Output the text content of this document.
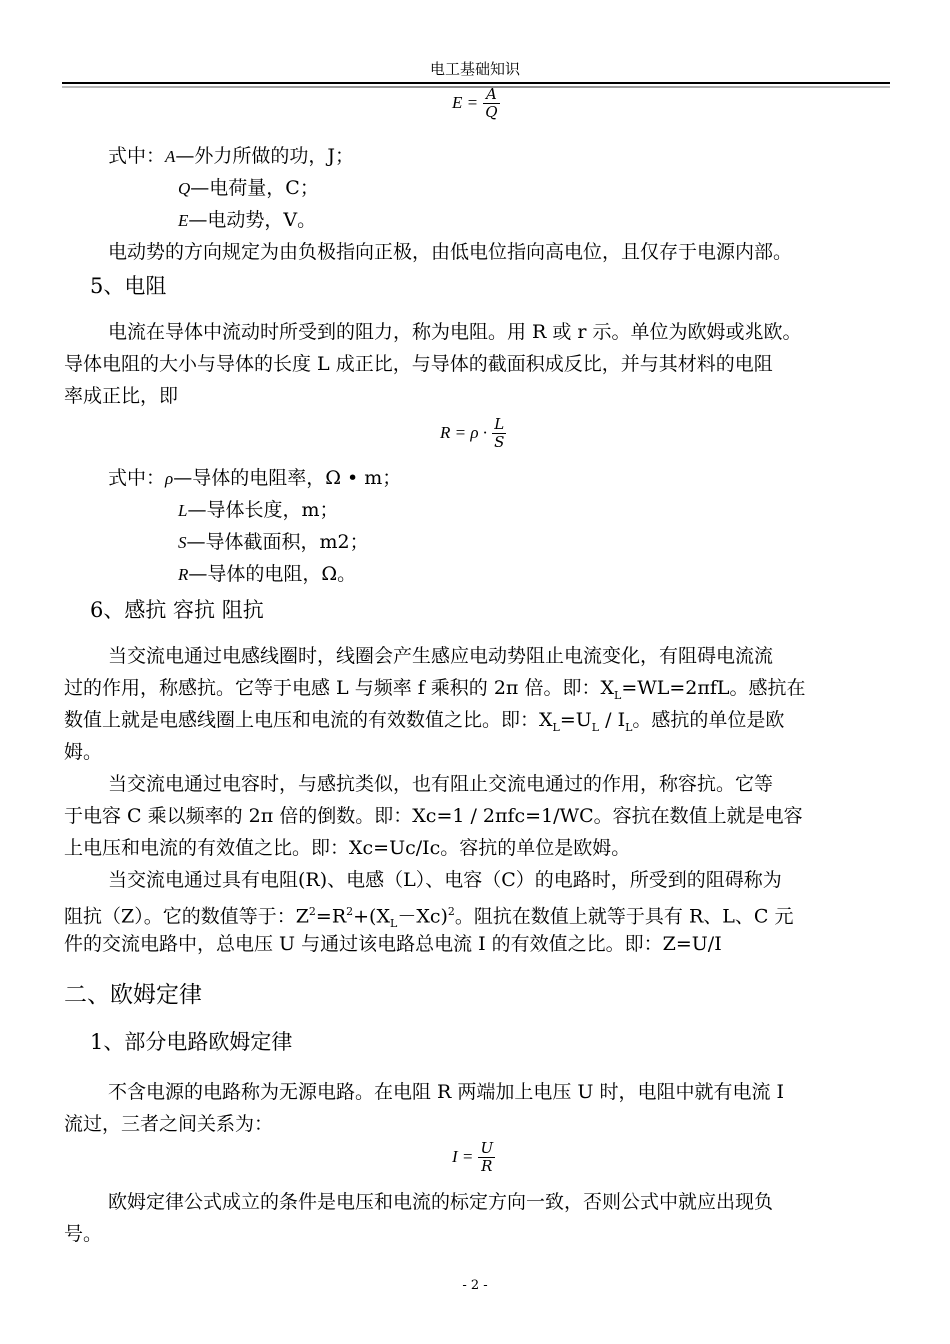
电工基础知识
$E = \frac{A}{Q}$
式中：A—外力所做的功，J；
Q—电荷量，C；
E—电动势，V。
电动势的方向规定为由负极指向正极，由低电位指向高电位，且仅存于电源内部。
5、电阻
电流在导体中流动时所受到的阻力，称为电阻。用 R 或 r 示。单位为欧姆或兆欧。
导体电阻的大小与导体的长度 L 成正比，与导体的截面积成反比，并与其材料的电阻
率成正比，即
$R = \rho \cdot \frac{L}{S}$
式中：ρ—导体的电阻率，Ω • m；
L—导体长度，m；
S—导体截面积，m2；
R—导体的电阻，Ω。
6、感抗 容抗 阻抗
当交流电通过电感线圈时，线圈会产生感应电动势阻止电流变化，有阻碍电流流
过的作用，称感抗。它等于电感 L 与频率 f 乘积的 2π 倍。即：$X_L=WL=2\pi fL$。感抗在
数值上就是电感线圈上电压和电流的有效数值之比。即：$X_L=U_L / I_L$。感抗的单位是欧
姆。
当交流电通过电容时，与感抗类似，也有阻止交流电通过的作用，称容抗。它等
于电容 C 乘以频率的 2π 倍的倒数。即：Xc=1 / 2πfc=1/WC。容抗在数值上就是电容
上电压和电流的有效值之比。即：Xc=Uc/Ic。容抗的单位是欧姆。
当交流电通过具有电阻(R)、电感（L）、电容（C）的电路时，所受到的阻碍称为
阻抗（Z）。它的数值等于：$Z^2=R^2+(X_L-Xc)^2$。阻抗在数值上就等于具有 R、L、C 元
件的交流电路中，总电压 U 与通过该电路总电流 I 的有效值之比。即：Z=U/I
二、欧姆定律
1、部分电路欧姆定律
不含电源的电路称为无源电路。在电阻 R 两端加上电压 U 时，电阻中就有电流 I
流过，三者之间关系为：
$I = \frac{U}{R}$
欧姆定律公式成立的条件是电压和电流的标定方向一致，否则公式中就应出现负
号。
- 2 -
